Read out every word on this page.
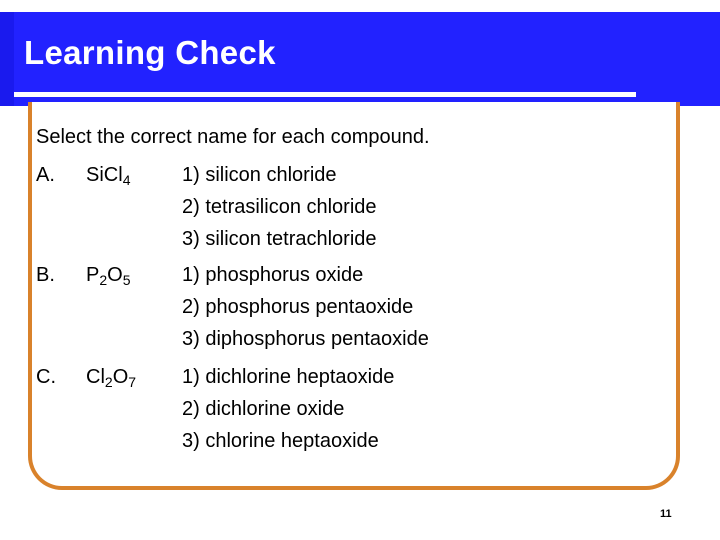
Learning Check
Select the correct name for each compound.
A. SiCl$_4$	1) silicon chloride
2) tetrasilicon chloride
3) silicon tetrachloride
B. $P_2O_5$	1) phosphorus oxide
2) phosphorus pentaoxide
3) diphosphorus pentaoxide
C. $Cl_2O_7$ 1) dichlorine heptaoxide
2) dichlorine oxide
3) chlorine heptaoxide
11
